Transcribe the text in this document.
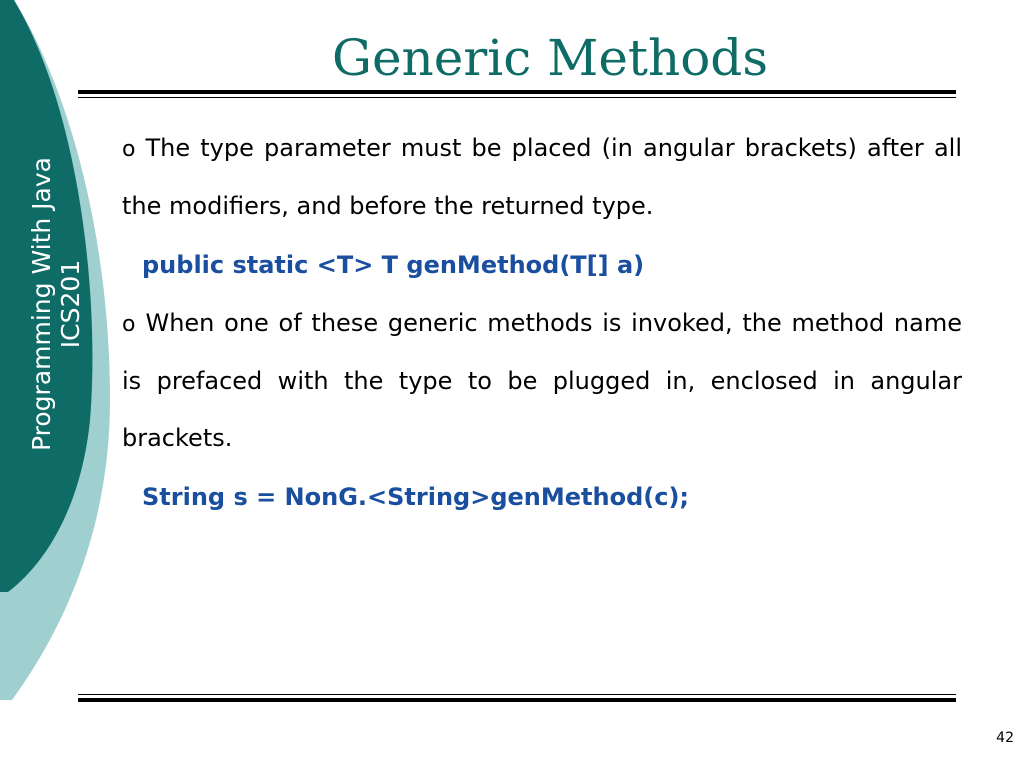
Programming With Java ICS201
Generic Methods

o The type parameter must be placed (in angular brackets) after all the modifiers, and before the returned type.

public static <T> T genMethod(T[] a)

o When one of these generic methods is invoked, the method name is prefaced with the type to be plugged in, enclosed in angular brackets.

String s = NonG.<String>genMethod(c);

42
